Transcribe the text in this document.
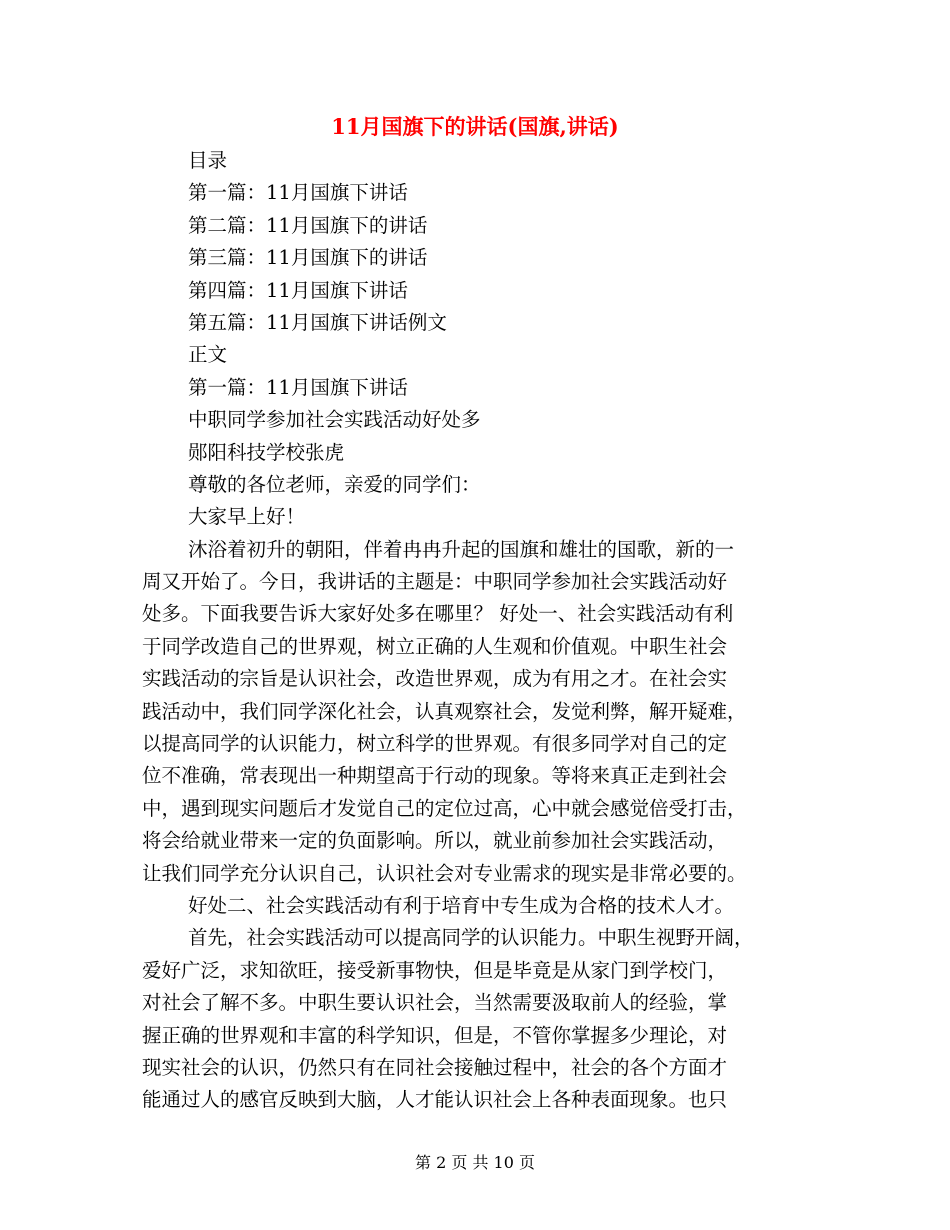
11月国旗下的讲话(国旗,讲话)

目录

第一篇：11月国旗下讲话

第二篇：11月国旗下的讲话

第三篇：11月国旗下的讲话

第四篇：11月国旗下讲话

第五篇：11月国旗下讲话例文

正文

第一篇：11月国旗下讲话

中职同学参加社会实践活动好处多

郧阳科技学校张虎

尊敬的各位老师，亲爱的同学们：

大家早上好！

沐浴着初升的朝阳，伴着冉冉升起的国旗和雄壮的国歌，新的一

周又开始了。今日，我讲话的主题是：中职同学参加社会实践活动好

处多。下面我要告诉大家好处多在哪里？ 好处一、社会实践活动有利

于同学改造自己的世界观，树立正确的人生观和价值观。中职生社会

实践活动的宗旨是认识社会，改造世界观，成为有用之才。在社会实

践活动中，我们同学深化社会，认真观察社会，发觉利弊，解开疑难，

以提高同学的认识能力，树立科学的世界观。有很多同学对自己的定

位不准确，常表现出一种期望高于行动的现象。等将来真正走到社会

中，遇到现实问题后才发觉自己的定位过高，心中就会感觉倍受打击，

将会给就业带来一定的负面影响。所以，就业前参加社会实践活动，

让我们同学充分认识自己，认识社会对专业需求的现实是非常必要的。

好处二、社会实践活动有利于培育中专生成为合格的技术人才。

首先，社会实践活动可以提高同学的认识能力。中职生视野开阔，

爱好广泛，求知欲旺，接受新事物快，但是毕竟是从家门到学校门，

对社会了解不多。中职生要认识社会，当然需要汲取前人的经验，掌

握正确的世界观和丰富的科学知识，但是，不管你掌握多少理论，对

现实社会的认识，仍然只有在同社会接触过程中，社会的各个方面才

能通过人的感官反映到大脑，人才能认识社会上各种表面现象。也只

第 2 页 共 10 页
